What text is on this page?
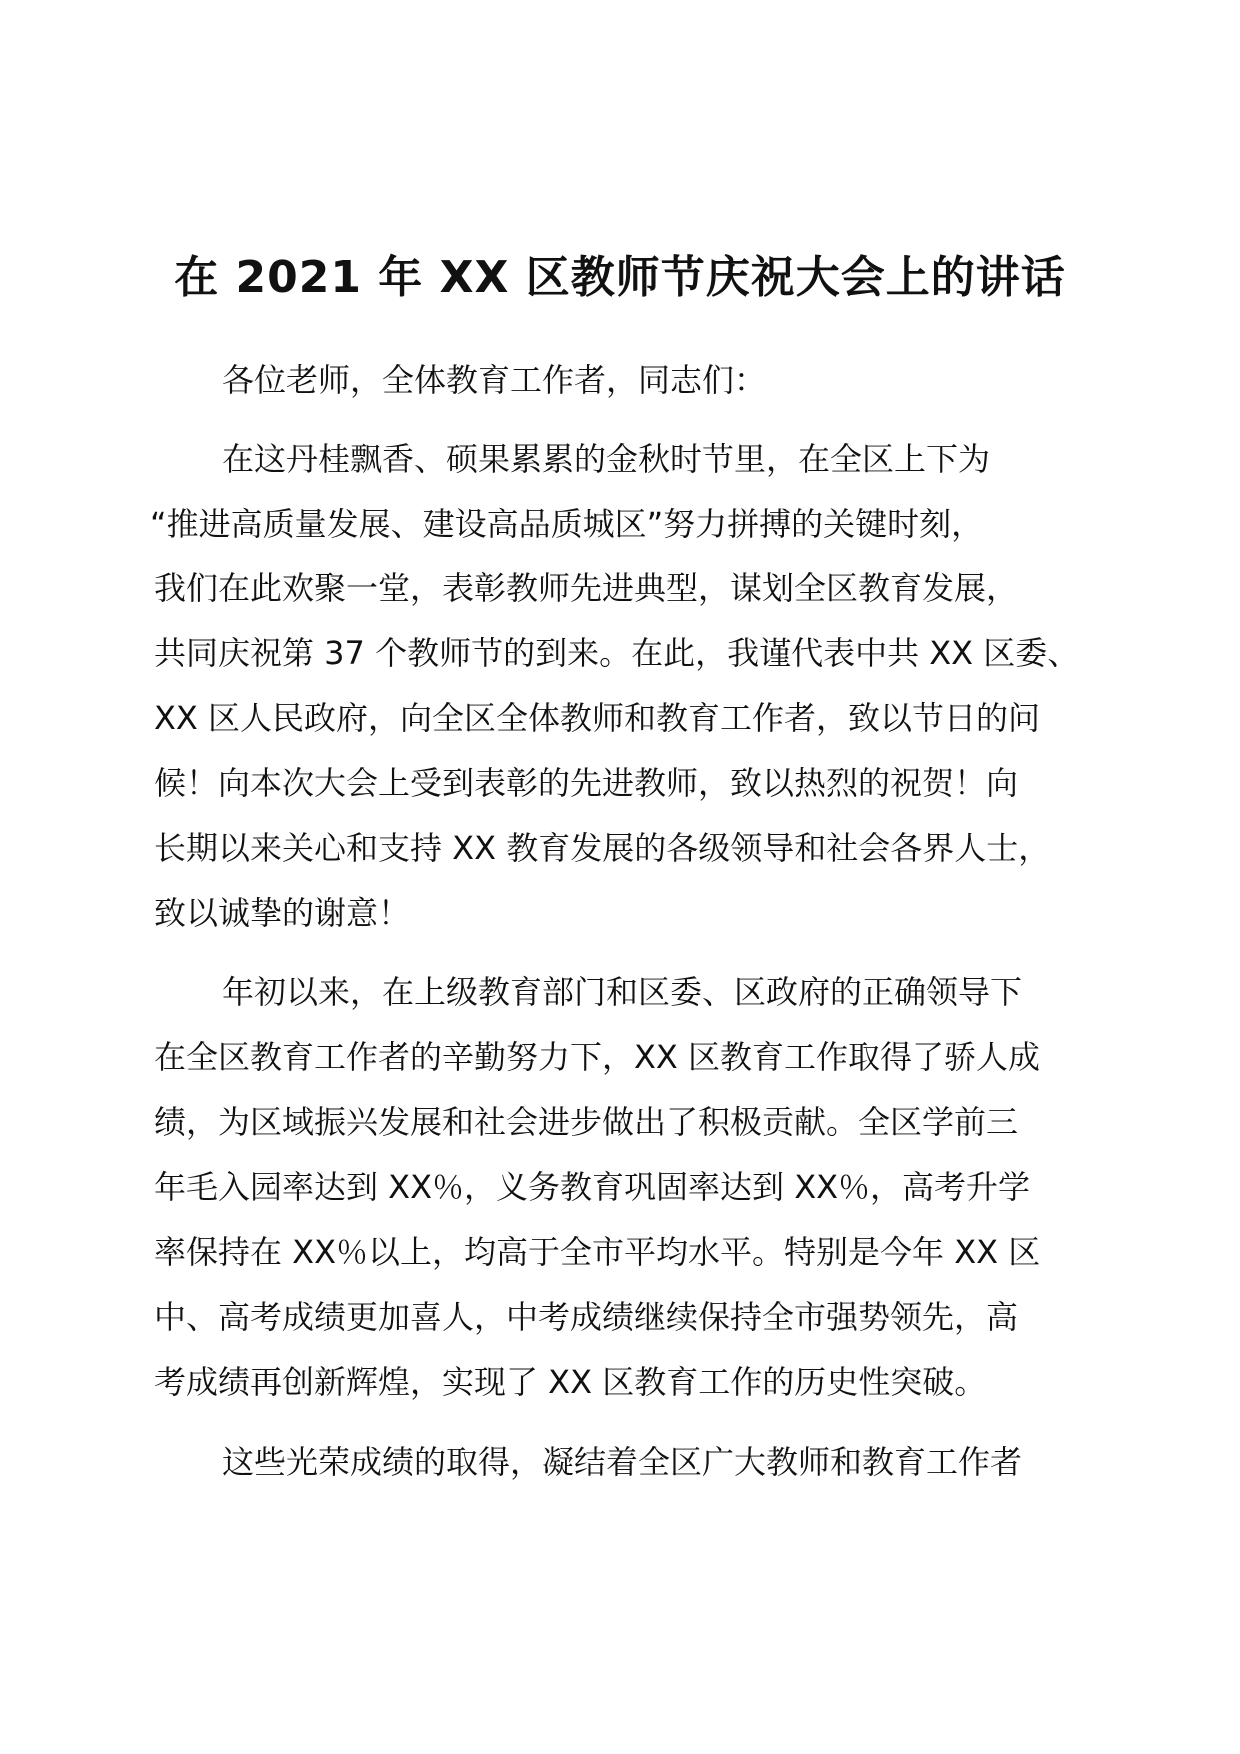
在 2021 年 XX 区教师节庆祝大会上的讲话

各位老师，全体教育工作者，同志们：

在这丹桂飘香、硕果累累的金秋时节里，在全区上下为

“推进高质量发展、建设高品质城区”努力拼搏的关键时刻，

我们在此欢聚一堂，表彰教师先进典型，谋划全区教育发展，

共同庆祝第 37 个教师节的到来。在此，我谨代表中共 XX 区委、

XX 区人民政府，向全区全体教师和教育工作者，致以节日的问

候！向本次大会上受到表彰的先进教师，致以热烈的祝贺！向

长期以来关心和支持 XX 教育发展的各级领导和社会各界人士，

致以诚挚的谢意！

年初以来，在上级教育部门和区委、区政府的正确领导下

在全区教育工作者的辛勤努力下，XX 区教育工作取得了骄人成

绩，为区域振兴发展和社会进步做出了积极贡献。全区学前三

年毛入园率达到 XX％，义务教育巩固率达到 XX％，高考升学

率保持在 XX％以上，均高于全市平均水平。特别是今年 XX 区

中、高考成绩更加喜人，中考成绩继续保持全市强势领先，高

考成绩再创新辉煌，实现了 XX 区教育工作的历史性突破。

这些光荣成绩的取得，凝结着全区广大教师和教育工作者
